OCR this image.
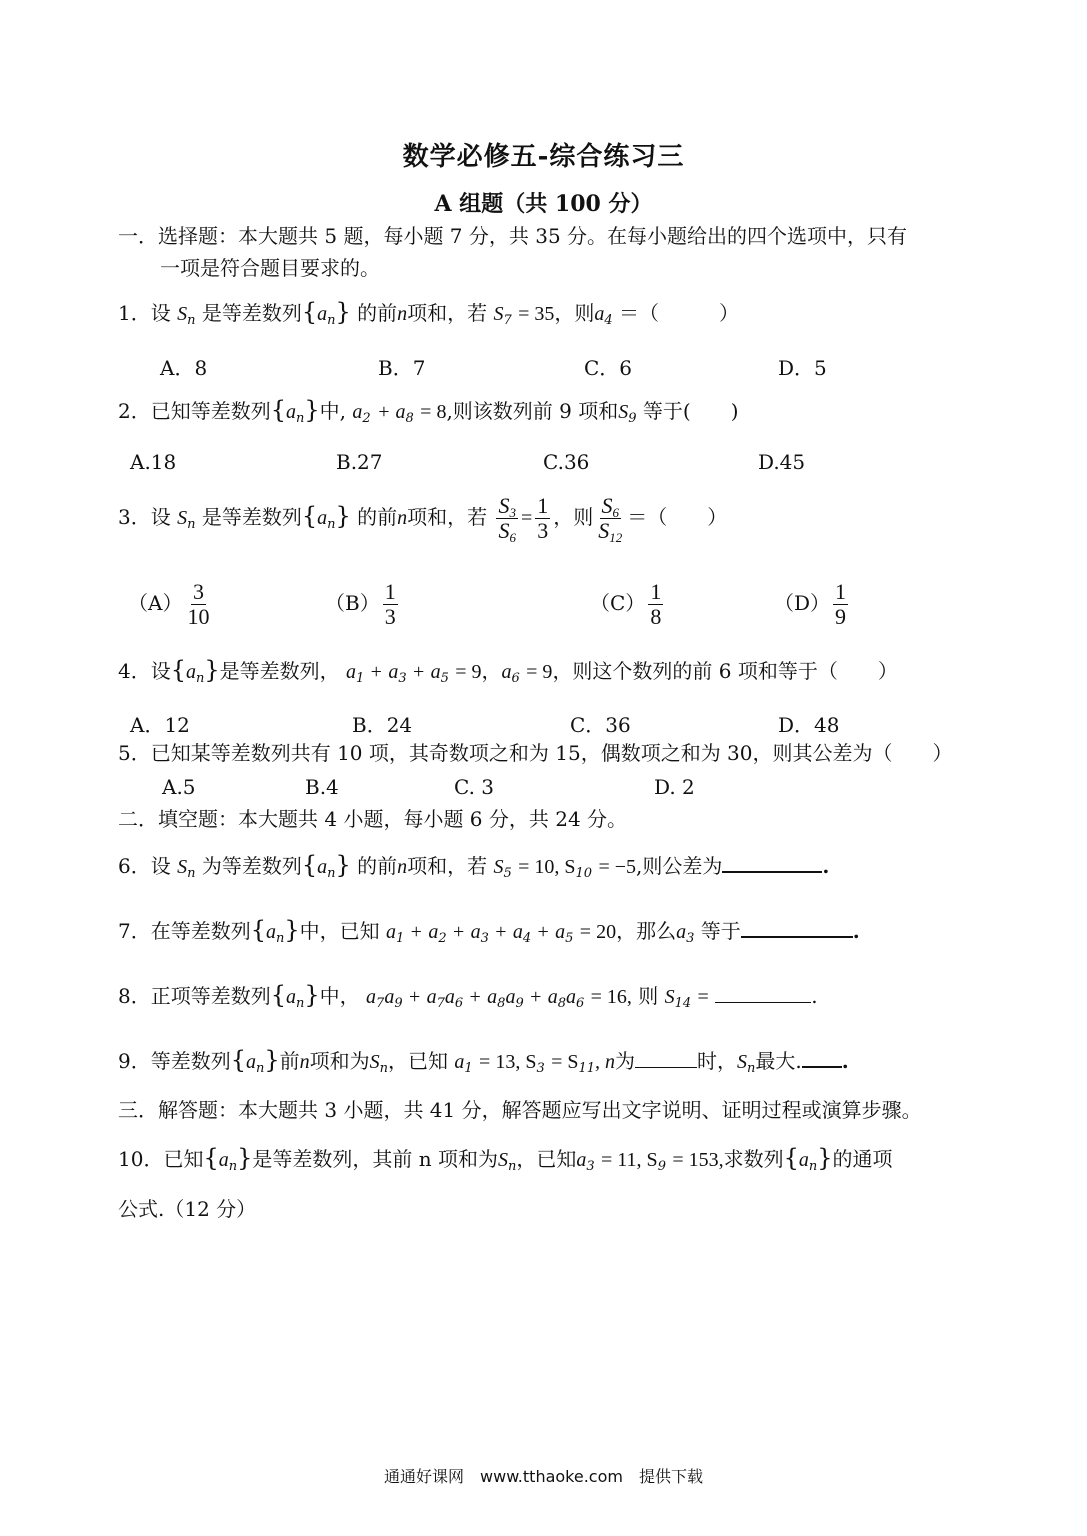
数学必修五-综合练习三
A 组题（共 100 分）
一．选择题：本大题共 5 题，每小题 7 分，共 35 分。在每小题给出的四个选项中，只有
一项是符合题目要求的。
1．设 $S_n$ 是等差数列$\{a_n\}$ 的前n项和，若 $S_7 = 35$，则$a_4$ ＝（　　　）
A．8	B．7	C．6	D．5
2．已知等差数列$\{a_n\}$中, $a_2 + a_8 = 8$,则该数列前 9 项和$S_9$ 等于(　　)
A.18	B.27	C.36	D.45
3．设 $S_n$ 是等差数列$\{a_n\}$ 的前n项和，若 $\frac{S_3}{S_6} = \frac{1}{3}$ ，则 $\frac{S_6}{S_{12}}$ ＝（　　）
$(A) \frac{3}{10}$	$(B) \frac{1}{3}$	$(C) \frac{1}{8}$	$(D) \frac{1}{9}$
4．设$\{a_n\}$是等差数列， $a_1 + a_3 + a_5 = 9$，$a_6 = 9$，则这个数列的前 6 项和等于（　　）
A．12	B．24	C．36	D．48
5．已知某等差数列共有 10 项，其奇数项之和为 15，偶数项之和为 30，则其公差为（　　）
A.5	B.4	C. 3	D. 2
二．填空题：本大题共 4 小题，每小题 6 分，共 24 分。
6．设 $S_n$ 为等差数列$\{a_n\}$ 的前n项和，若 $S_5 = 10$, $S_{10} = -5$,则公差为	.
7．在等差数列$\{a_n\}$中，已知 $a_1 + a_2 + a_3 + a_4 + a_5 = 20$，那么$a_3$ 等于	.
8．正项等差数列$\{a_n\}$中， $a_7a_9 + a_7a_6 + a_8a_9 + a_8a_6 = 16$, 则 $S_{14}$ =	.
9．等差数列$\{a_n\}$前n项和为$S_n$，已知 $a_1 = 13$, $S_3 = S_{11}$, n为	时，$S_n$最大. .
三．解答题：本大题共 3 小题，共 41 分，解答题应写出文字说明、证明过程或演算步骤。
10．已知$\{a_n\}$是等差数列，其前 n 项和为$S_n$，已知$a_3 = 11$, $S_9 = 153$,求数列$\{a_n\}$的通项
公式.（12 分）
通通好课网　www.tthaoke.com　提供下载
